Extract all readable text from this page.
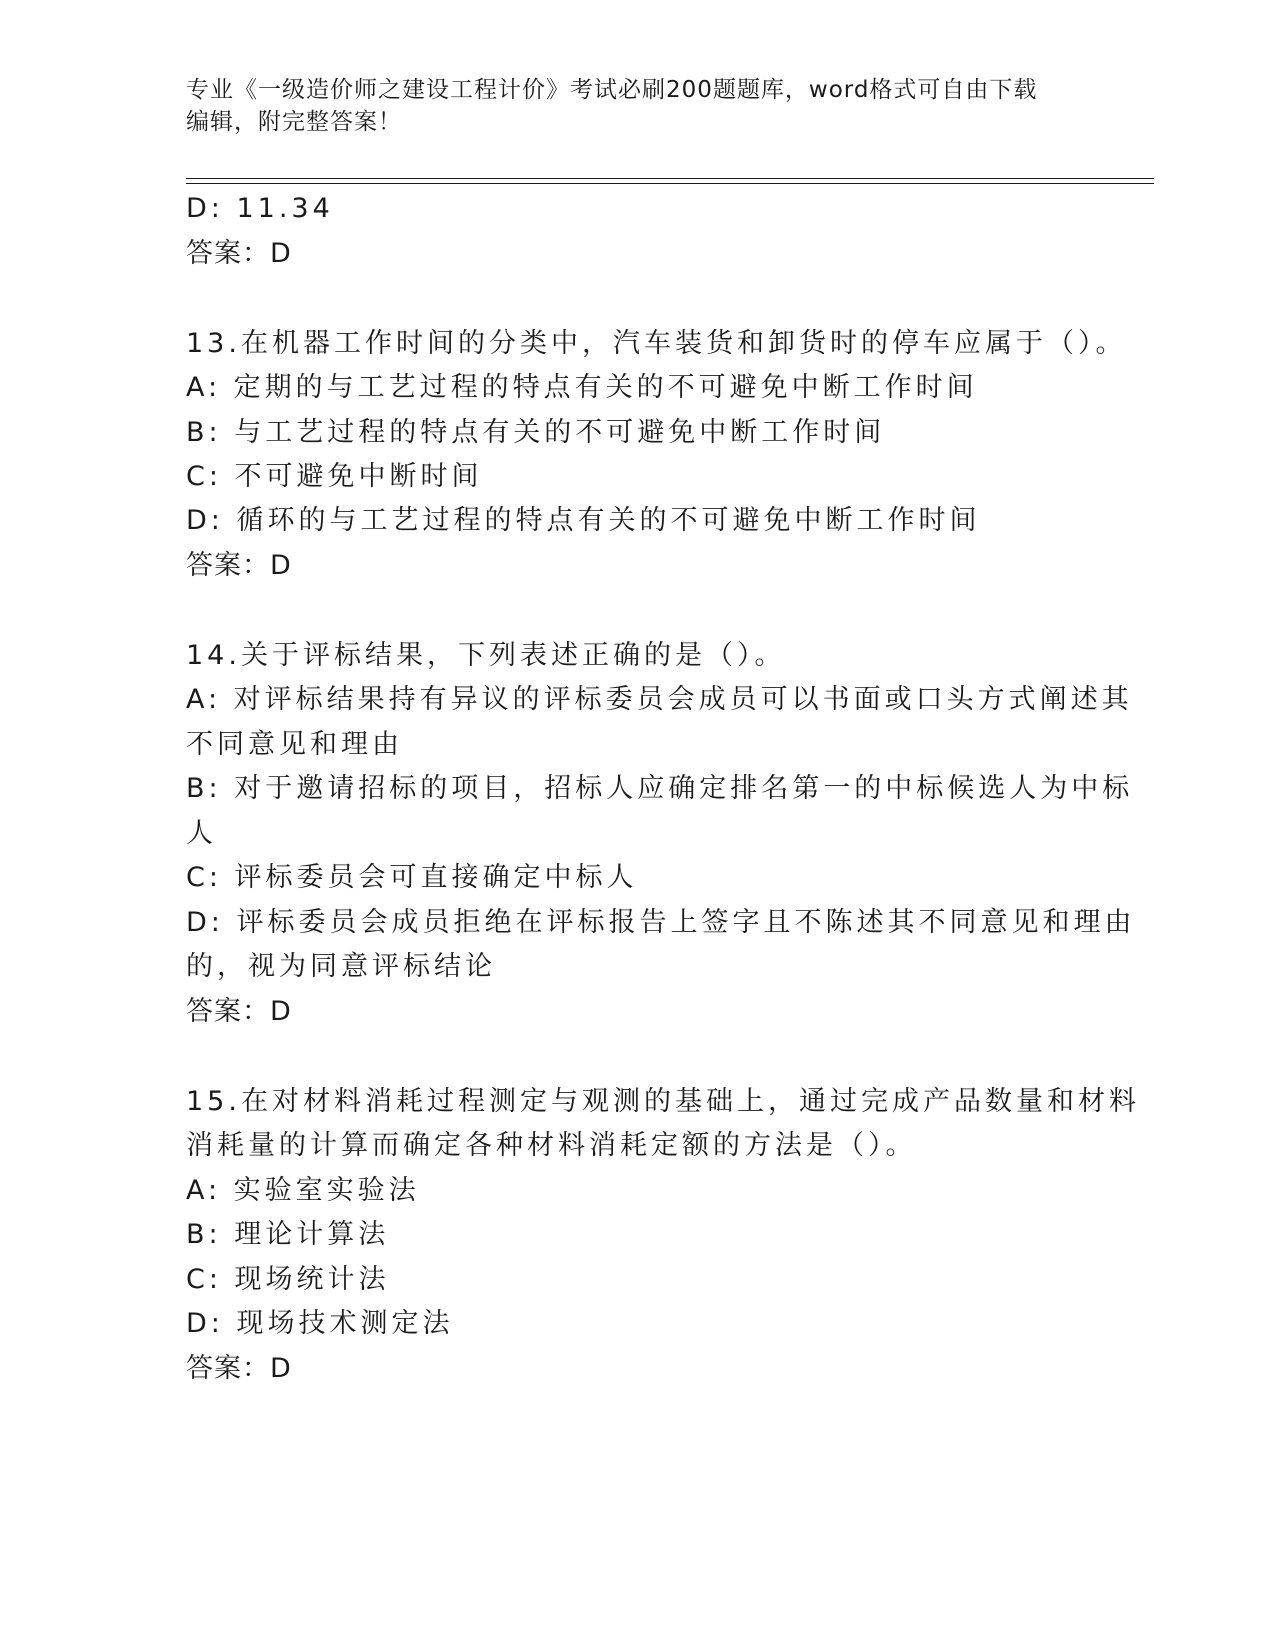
专业《一级造价师之建设工程计价》考试必刷200题题库，word格式可自由下载
编辑，附完整答案！
D: 11.34
答案：D
13.在机器工作时间的分类中，汽车装货和卸货时的停车应属于（）。
A: 定期的与工艺过程的特点有关的不可避免中断工作时间
B: 与工艺过程的特点有关的不可避免中断工作时间
C: 不可避免中断时间
D: 循环的与工艺过程的特点有关的不可避免中断工作时间
答案：D
14.关于评标结果，下列表述正确的是（）。
A: 对评标结果持有异议的评标委员会成员可以书面或口头方式阐述其
不同意见和理由
B: 对于邀请招标的项目，招标人应确定排名第一的中标候选人为中标
人
C: 评标委员会可直接确定中标人
D: 评标委员会成员拒绝在评标报告上签字且不陈述其不同意见和理由
的，视为同意评标结论
答案：D
15.在对材料消耗过程测定与观测的基础上，通过完成产品数量和材料
消耗量的计算而确定各种材料消耗定额的方法是（）。
A: 实验室实验法
B: 理论计算法
C: 现场统计法
D: 现场技术测定法
答案：D
